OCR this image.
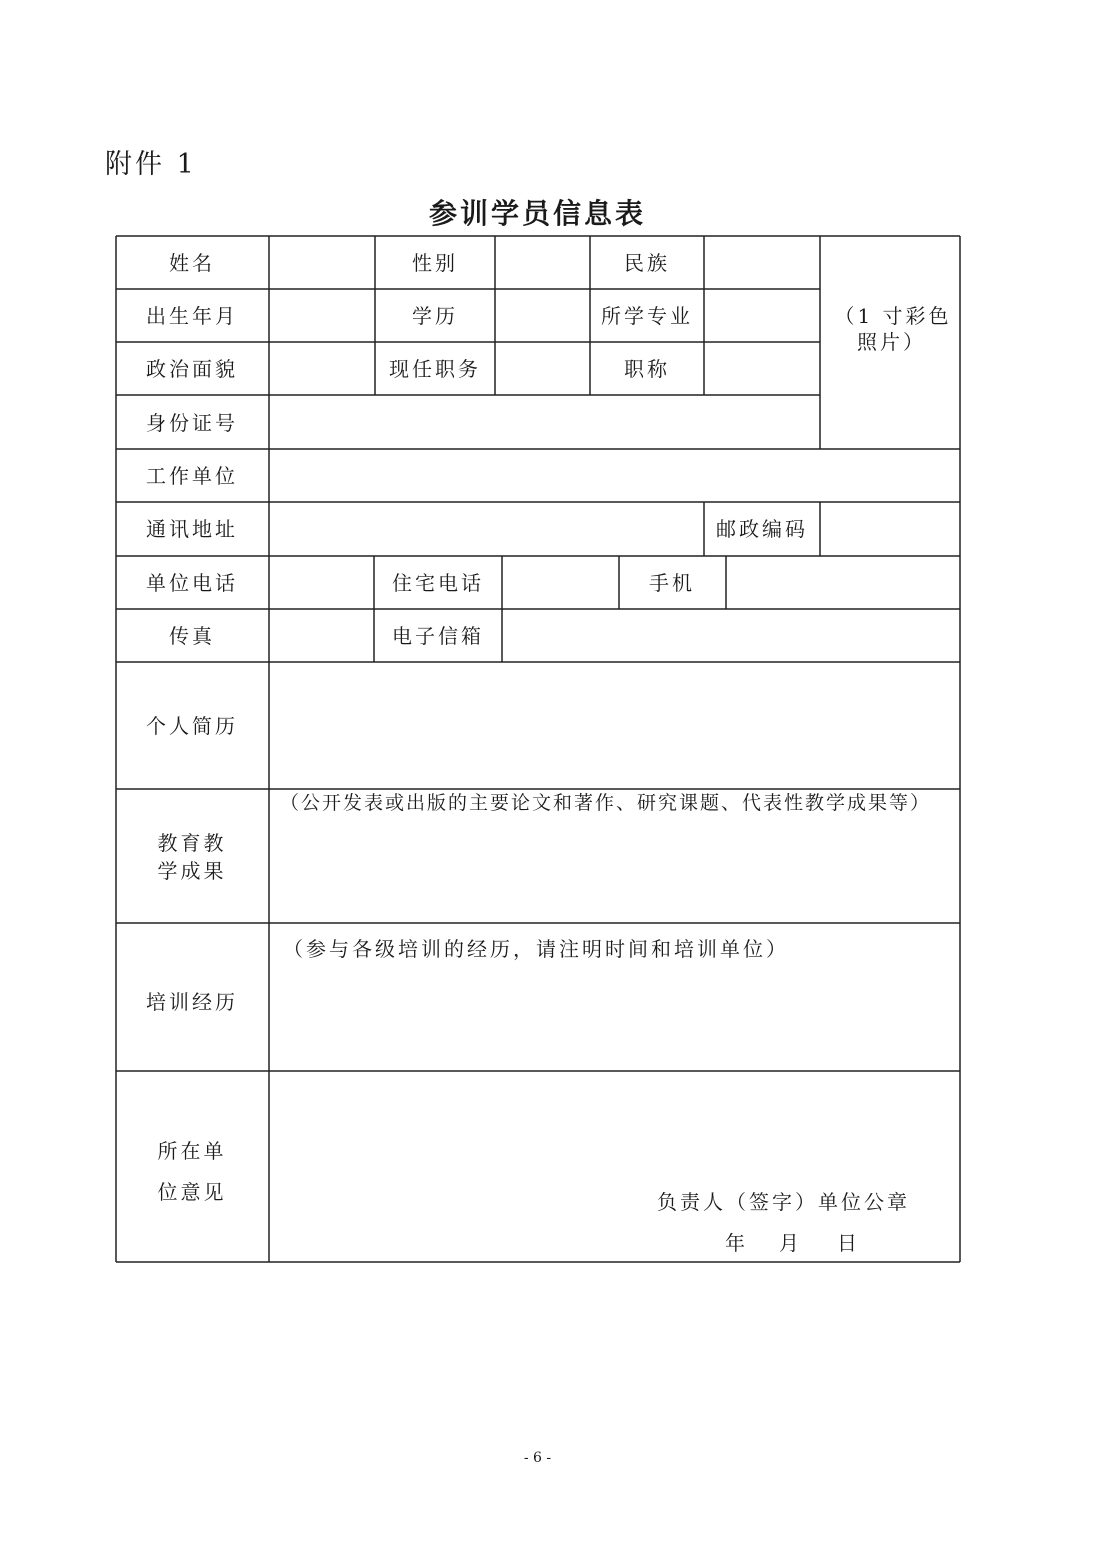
附件 1
参训学员信息表
姓名	性别	民族
出生年月	学历	所学专业
政治面貌	现任职务	职称
（1 寸彩色
照片）
身份证号
工作单位
通讯地址	邮政编码
单位电话	住宅电话	手机
传真	电子信箱
个人简历
教育教
学成果
（公开发表或出版的主要论文和著作、研究课题、代表性教学成果等）
培训经历
（参与各级培训的经历，请注明时间和培训单位）
所在单
位意见	负责人（签字）单位公章
年 月 日
- 6 -
